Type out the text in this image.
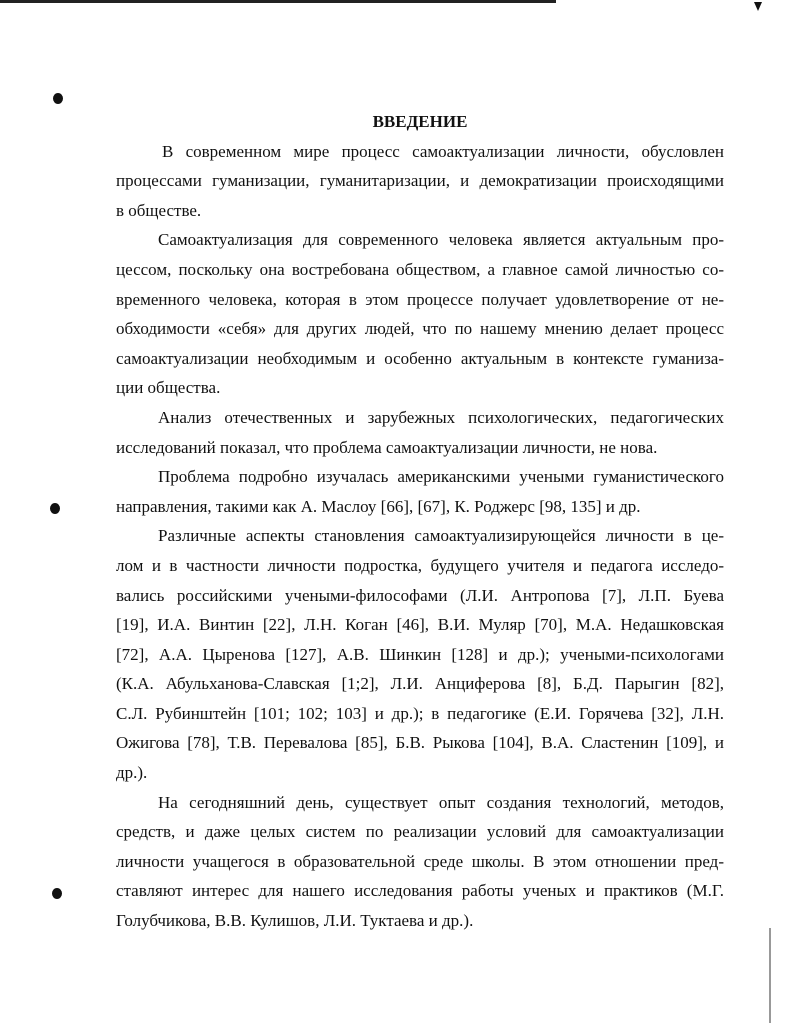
ВВЕДЕНИЕ
В современном мире процесс самоактуализации личности, обусловлен
процессами гуманизации, гуманитаризации, и демократизации происходящими
в обществе.
Самоактуализация для современного человека является актуальным про-
цессом, поскольку она востребована обществом, а главное самой личностью со-
временного человека, которая в этом процессе получает удовлетворение от не-
обходимости «себя» для других людей, что по нашему мнению делает процесс
самоактуализации необходимым и особенно актуальным в контексте гуманиза-
ции общества.
Анализ отечественных и зарубежных психологических, педагогических
исследований показал, что проблема самоактуализации личности, не нова.
Проблема подробно изучалась американскими учеными гуманистического
направления, такими как А. Маслоу [66], [67], К. Роджерс [98, 135] и др.
Различные аспекты становления самоактуализирующейся личности в це-
лом и в частности личности подростка, будущего учителя и педагога исследо-
вались российскими учеными-философами (Л.И. Антропова [7], Л.П. Буева
[19], И.А. Винтин [22], Л.Н. Коган [46], В.И. Муляр [70], М.А. Недашковская
[72], А.А. Цыренова [127], А.В. Шинкин [128] и др.); учеными-психологами
(К.А. Абульханова-Славская [1;2], Л.И. Анциферова [8], Б.Д. Парыгин [82],
С.Л. Рубинштейн [101; 102; 103] и др.); в педагогике (Е.И. Горячева [32], Л.Н.
Ожигова [78], Т.В. Перевалова [85], Б.В. Рыкова [104], В.А. Сластенин [109], и
др.).
На сегодняшний день, существует опыт создания технологий, методов,
средств, и даже целых систем по реализации условий для самоактуализации
личности учащегося в образовательной среде школы. В этом отношении пред-
ставляют интерес для нашего исследования работы ученых и практиков (М.Г.
Голубчикова, В.В. Кулишов, Л.И. Туктаева и др.).
